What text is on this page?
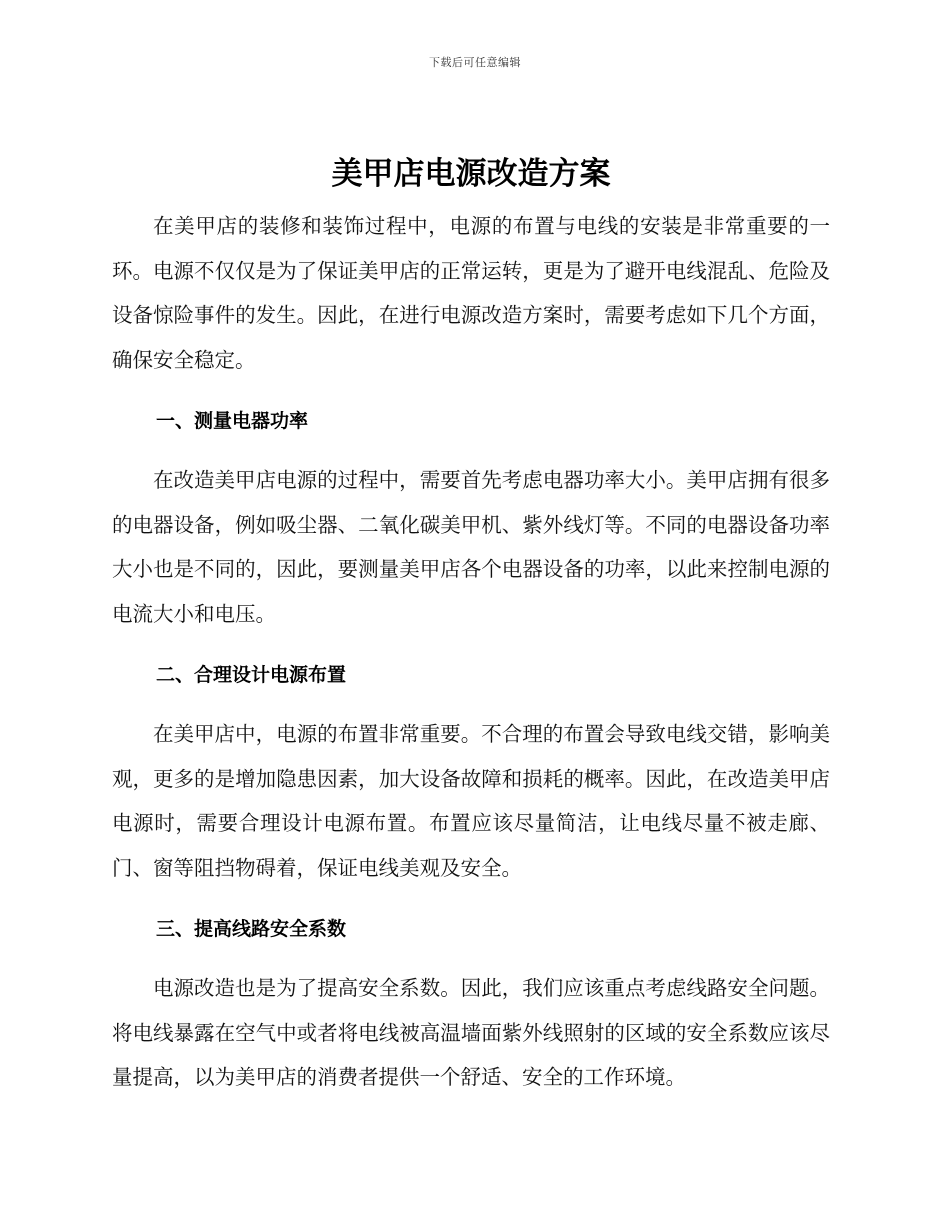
下载后可任意编辑
美甲店电源改造方案

在美甲店的装修和装饰过程中，电源的布置与电线的安装是非常重要的一环。电源不仅仅是为了保证美甲店的正常运转，更是为了避开电线混乱、危险及设备惊险事件的发生。因此，在进行电源改造方案时，需要考虑如下几个方面，确保安全稳定。

一、测量电器功率

在改造美甲店电源的过程中，需要首先考虑电器功率大小。美甲店拥有很多的电器设备，例如吸尘器、二氧化碳美甲机、紫外线灯等。不同的电器设备功率大小也是不同的，因此，要测量美甲店各个电器设备的功率，以此来控制电源的电流大小和电压。

二、合理设计电源布置

在美甲店中，电源的布置非常重要。不合理的布置会导致电线交错，影响美观，更多的是增加隐患因素，加大设备故障和损耗的概率。因此，在改造美甲店电源时，需要合理设计电源布置。布置应该尽量简洁，让电线尽量不被走廊、门、窗等阻挡物碍着，保证电线美观及安全。

三、提高线路安全系数

电源改造也是为了提高安全系数。因此，我们应该重点考虑线路安全问题。将电线暴露在空气中或者将电线被高温墙面紫外线照射的区域的安全系数应该尽量提高，以为美甲店的消费者提供一个舒适、安全的工作环境。
